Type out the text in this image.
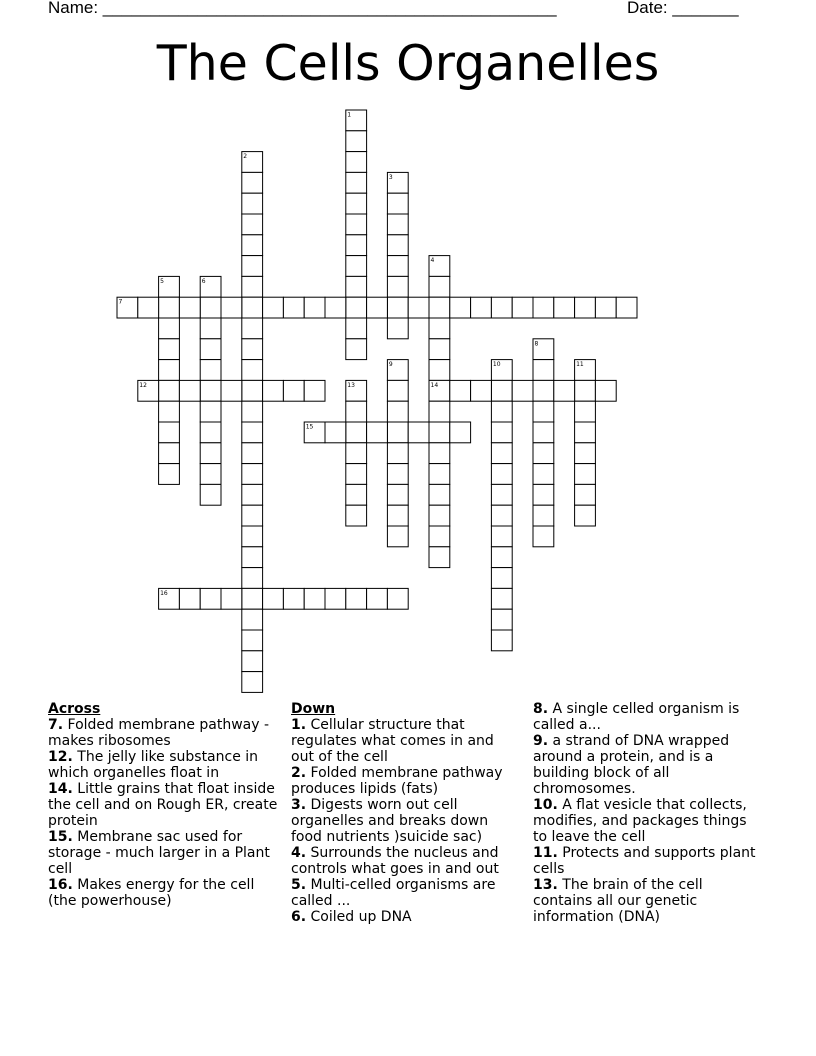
Name: ________________________________________________	Date: _______
The Cells Organelles
1
2
3
4
5	6
7
8
9	10	11
12	13	14
15
16
Across
7. Folded membrane pathway - makes ribosomes
12. The jelly like substance in which organelles float in
14. Little grains that float inside the cell and on Rough ER, create protein
15. Membrane sac used for storage - much larger in a Plant cell
16. Makes energy for the cell (the powerhouse)
Down
1. Cellular structure that regulates what comes in and out of the cell
2. Folded membrane pathway produces lipids (fats)
3. Digests worn out cell organelles and breaks down food nutrients )suicide sac)
4. Surrounds the nucleus and controls what goes in and out
5. Multi-celled organisms are called ...
6. Coiled up DNA
8. A single celled organism is called a...
9. a strand of DNA wrapped around a protein, and is a building block of all chromosomes.
10. A flat vesicle that collects, modifies, and packages things to leave the cell
11. Protects and supports plant cells
13. The brain of the cell contains all our genetic information (DNA)
